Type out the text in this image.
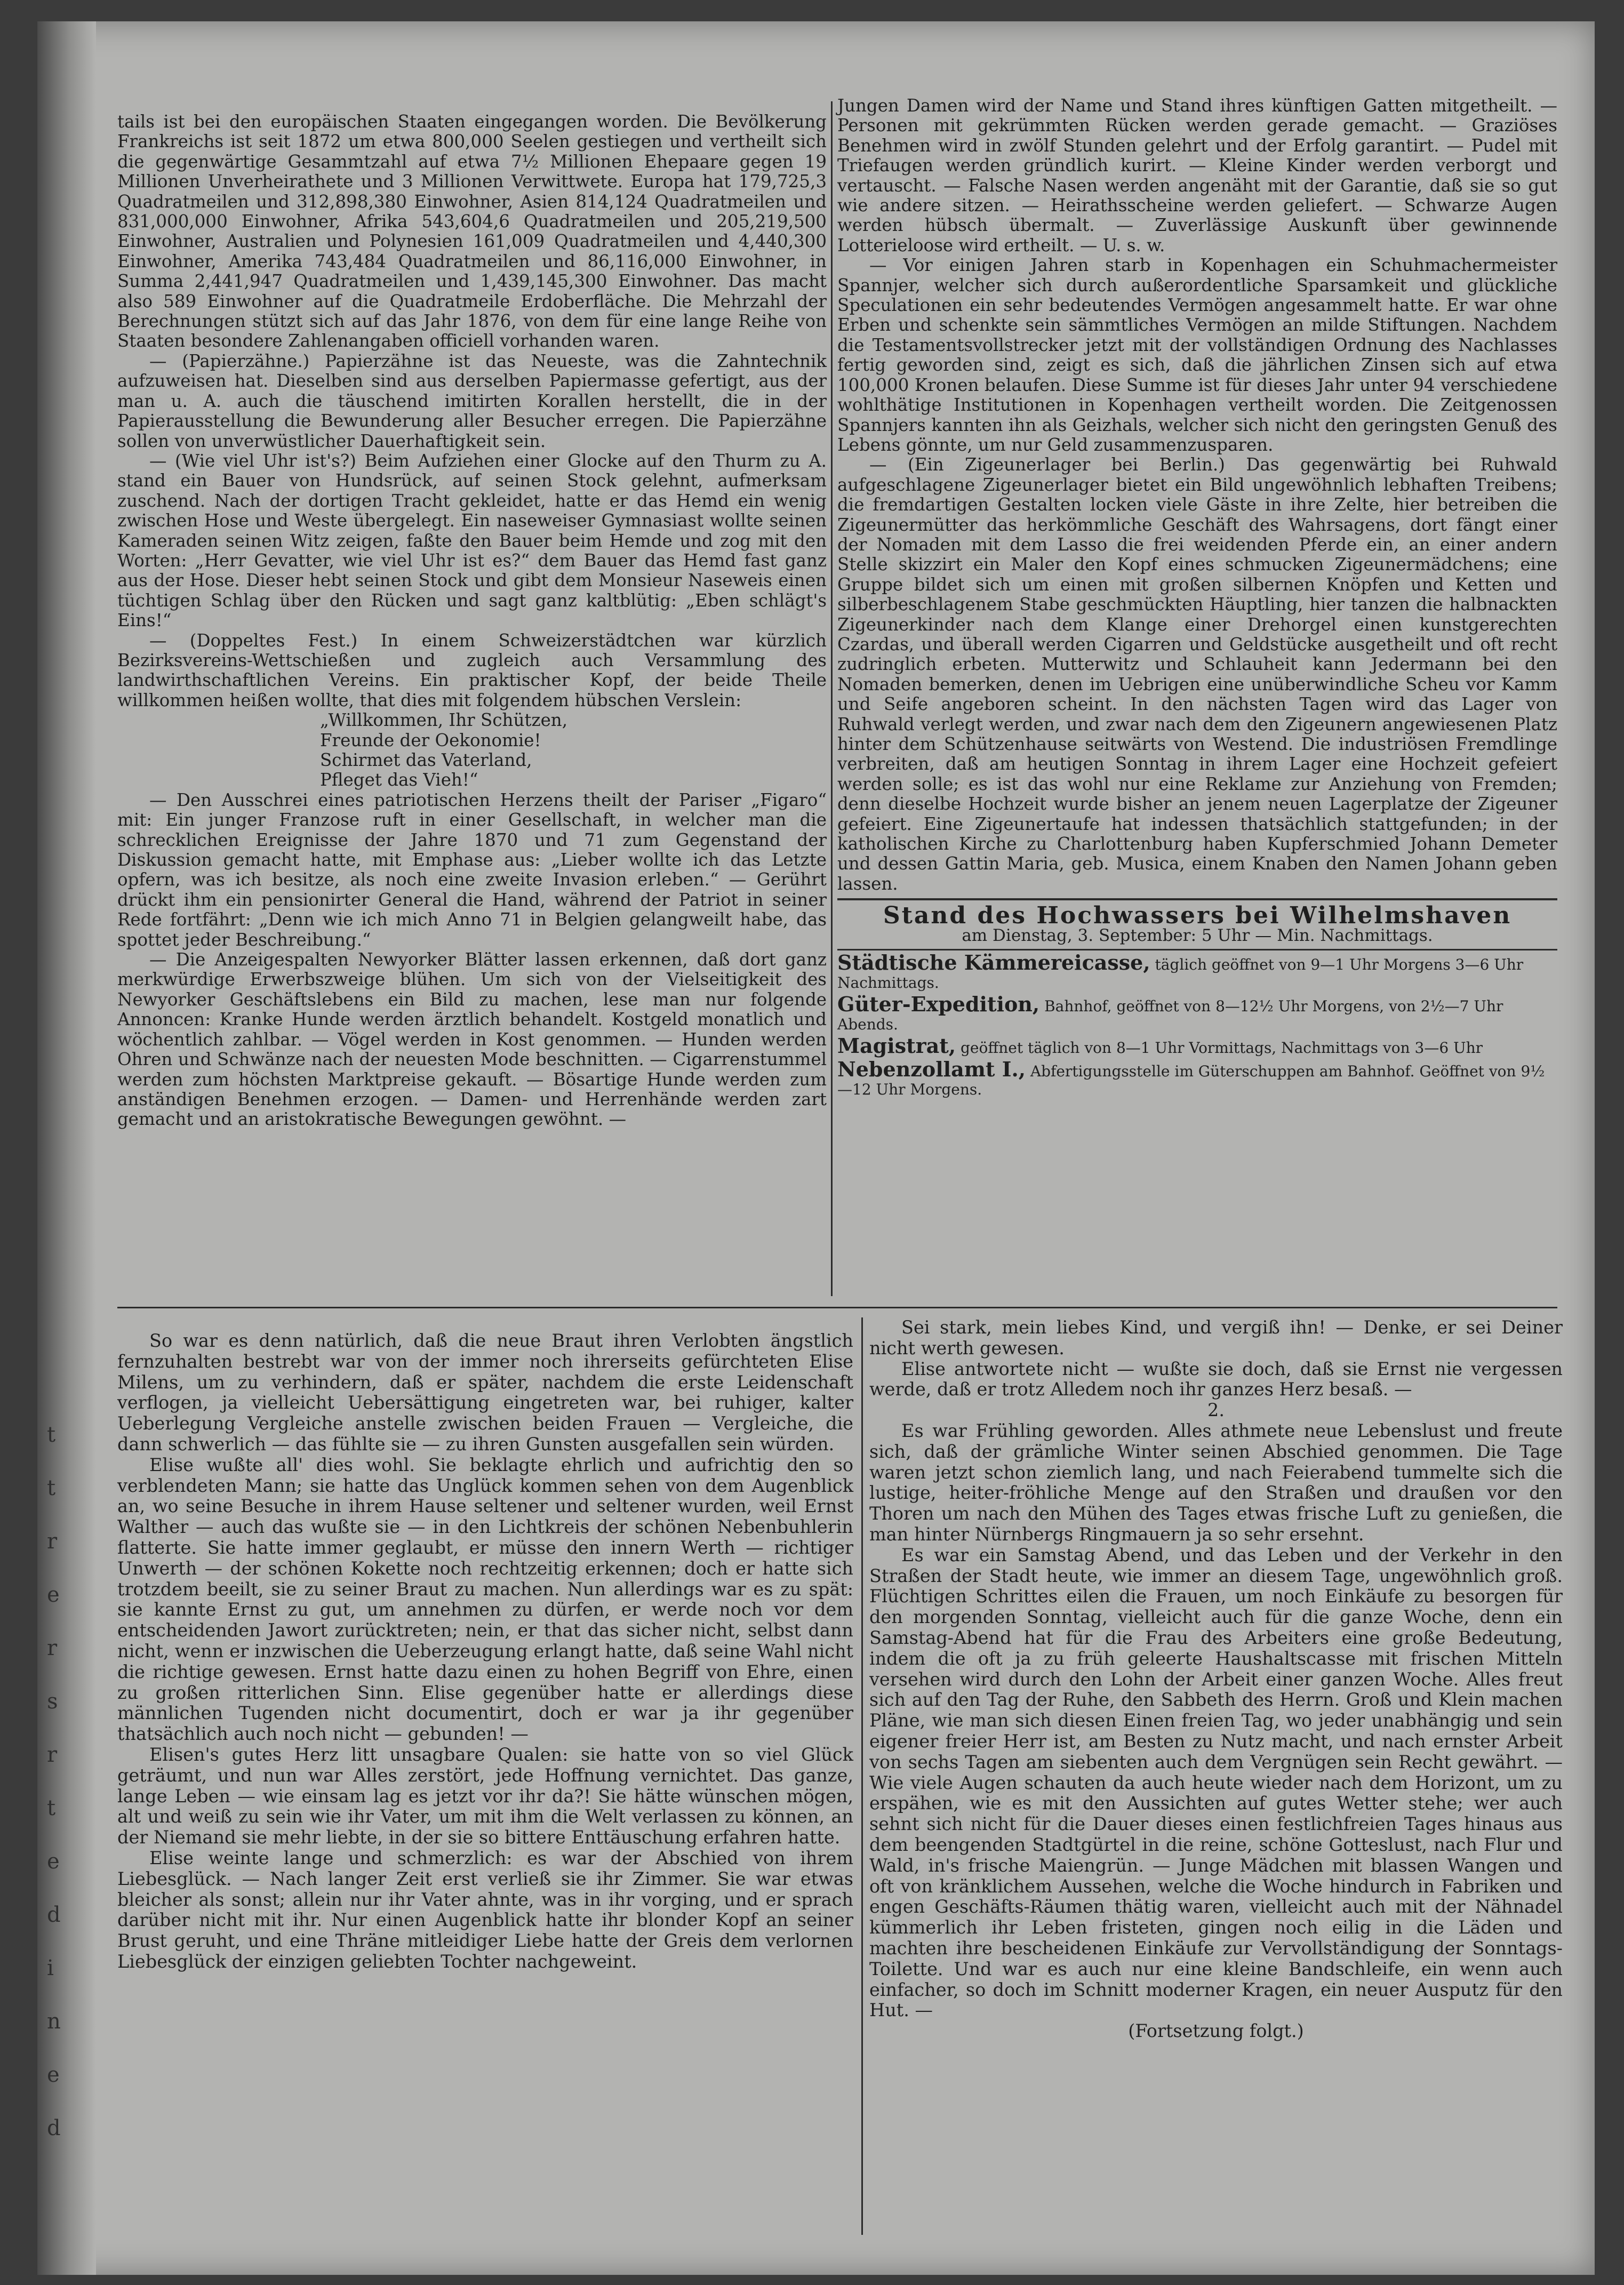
t
t
r
e
r
s
r
t
e
d
i
n
e
d

tails ist bei den europäischen Staaten eingegangen worden. Die Bevölkerung Frankreichs ist seit 1872 um etwa 800,000 Seelen gestiegen und vertheilt sich die gegenwärtige Gesammtzahl auf etwa 7½ Millionen Ehepaare gegen 19 Millionen Unverheirathete und 3 Millionen Verwittwete. Europa hat 179,725,3 Quadratmeilen und 312,898,380 Einwohner, Asien 814,124 Quadratmeilen und 831,000,000 Einwohner, Afrika 543,604,6 Quadratmeilen und 205,219,500 Einwohner, Australien und Polynesien 161,009 Quadratmeilen und 4,440,300 Einwohner, Amerika 743,484 Quadratmeilen und 86,116,000 Einwohner, in Summa 2,441,947 Quadratmeilen und 1,439,145,300 Einwohner. Das macht also 589 Einwohner auf die Quadratmeile Erdoberfläche. Die Mehrzahl der Berechnungen stützt sich auf das Jahr 1876, von dem für eine lange Reihe von Staaten besondere Zahlenangaben officiell vorhanden waren.

— (Papierzähne.) Papierzähne ist das Neueste, was die Zahntechnik aufzuweisen hat. Dieselben sind aus derselben Papiermasse gefertigt, aus der man u. A. auch die täuschend imitirten Korallen herstellt, die in der Papierausstellung die Bewunderung aller Besucher erregen. Die Papierzähne sollen von unverwüstlicher Dauerhaftigkeit sein.

— (Wie viel Uhr ist's?) Beim Aufziehen einer Glocke auf den Thurm zu A. stand ein Bauer von Hundsrück, auf seinen Stock gelehnt, aufmerksam zuschend. Nach der dortigen Tracht gekleidet, hatte er das Hemd ein wenig zwischen Hose und Weste übergelegt. Ein naseweiser Gymnasiast wollte seinen Kameraden seinen Witz zeigen, faßte den Bauer beim Hemde und zog mit den Worten: „Herr Gevatter, wie viel Uhr ist es?“ dem Bauer das Hemd fast ganz aus der Hose. Dieser hebt seinen Stock und gibt dem Monsieur Naseweis einen tüchtigen Schlag über den Rücken und sagt ganz kaltblütig: „Eben schlägt's Eins!“

— (Doppeltes Fest.) In einem Schweizerstädtchen war kürzlich Bezirksvereins-Wettschießen und zugleich auch Versammlung des landwirthschaftlichen Vereins. Ein praktischer Kopf, der beide Theile willkommen heißen wollte, that dies mit folgendem hübschen Verslein:

„Willkommen, Ihr Schützen,
Freunde der Oekonomie!
Schirmet das Vaterland,
Pfleget das Vieh!“

— Den Ausschrei eines patriotischen Herzens theilt der Pariser „Figaro“ mit: Ein junger Franzose ruft in einer Gesellschaft, in welcher man die schrecklichen Ereignisse der Jahre 1870 und 71 zum Gegenstand der Diskussion gemacht hatte, mit Emphase aus: „Lieber wollte ich das Letzte opfern, was ich besitze, als noch eine zweite Invasion erleben.“ — Gerührt drückt ihm ein pensionirter General die Hand, während der Patriot in seiner Rede fortfährt: „Denn wie ich mich Anno 71 in Belgien gelangweilt habe, das spottet jeder Beschreibung.“

— Die Anzeigespalten Newyorker Blätter lassen erkennen, daß dort ganz merkwürdige Erwerbszweige blühen. Um sich von der Vielseitigkeit des Newyorker Geschäftslebens ein Bild zu machen, lese man nur folgende Annoncen: Kranke Hunde werden ärztlich behandelt. Kostgeld monatlich und wöchentlich zahlbar. — Vögel werden in Kost genommen. — Hunden werden Ohren und Schwänze nach der neuesten Mode beschnitten. — Cigarrenstummel werden zum höchsten Marktpreise gekauft. — Bösartige Hunde werden zum anständigen Benehmen erzogen. — Damen- und Herrenhände werden zart gemacht und an aristokratische Bewegungen gewöhnt. —

Jungen Damen wird der Name und Stand ihres künftigen Gatten mitgetheilt. — Personen mit gekrümmten Rücken werden gerade gemacht. — Graziöses Benehmen wird in zwölf Stunden gelehrt und der Erfolg garantirt. — Pudel mit Triefaugen werden gründlich kurirt. — Kleine Kinder werden verborgt und vertauscht. — Falsche Nasen werden angenäht mit der Garantie, daß sie so gut wie andere sitzen. — Heirathsscheine werden geliefert. — Schwarze Augen werden hübsch übermalt. — Zuverlässige Auskunft über gewinnende Lotterieloose wird ertheilt. — U. s. w.

— Vor einigen Jahren starb in Kopenhagen ein Schuhmachermeister Spannjer, welcher sich durch außerordentliche Sparsamkeit und glückliche Speculationen ein sehr bedeutendes Vermögen angesammelt hatte. Er war ohne Erben und schenkte sein sämmtliches Vermögen an milde Stiftungen. Nachdem die Testamentsvollstrecker jetzt mit der vollständigen Ordnung des Nachlasses fertig geworden sind, zeigt es sich, daß die jährlichen Zinsen sich auf etwa 100,000 Kronen belaufen. Diese Summe ist für dieses Jahr unter 94 verschiedene wohlthätige Institutionen in Kopenhagen vertheilt worden. Die Zeitgenossen Spannjers kannten ihn als Geizhals, welcher sich nicht den geringsten Genuß des Lebens gönnte, um nur Geld zusammenzusparen.

— (Ein Zigeunerlager bei Berlin.) Das gegenwärtig bei Ruhwald aufgeschlagene Zigeunerlager bietet ein Bild ungewöhnlich lebhaften Treibens; die fremdartigen Gestalten locken viele Gäste in ihre Zelte, hier betreiben die Zigeunermütter das herkömmliche Geschäft des Wahrsagens, dort fängt einer der Nomaden mit dem Lasso die frei weidenden Pferde ein, an einer andern Stelle skizzirt ein Maler den Kopf eines schmucken Zigeunermädchens; eine Gruppe bildet sich um einen mit großen silbernen Knöpfen und Ketten und silberbeschlagenem Stabe geschmückten Häuptling, hier tanzen die halbnackten Zigeunerkinder nach dem Klange einer Drehorgel einen kunstgerechten Czardas, und überall werden Cigarren und Geldstücke ausgetheilt und oft recht zudringlich erbeten. Mutterwitz und Schlauheit kann Jedermann bei den Nomaden bemerken, denen im Uebrigen eine unüberwindliche Scheu vor Kamm und Seife angeboren scheint. In den nächsten Tagen wird das Lager von Ruhwald verlegt werden, und zwar nach dem den Zigeunern angewiesenen Platz hinter dem Schützenhause seitwärts von Westend. Die industriösen Fremdlinge verbreiten, daß am heutigen Sonntag in ihrem Lager eine Hochzeit gefeiert werden solle; es ist das wohl nur eine Reklame zur Anziehung von Fremden; denn dieselbe Hochzeit wurde bisher an jenem neuen Lagerplatze der Zigeuner gefeiert. Eine Zigeunertaufe hat indessen thatsächlich stattgefunden; in der katholischen Kirche zu Charlottenburg haben Kupferschmied Johann Demeter und dessen Gattin Maria, geb. Musica, einem Knaben den Namen Johann geben lassen.

Stand des Hochwassers bei Wilhelmshaven
am Dienstag, 3. September: 5 Uhr — Min. Nachmittags.
Städtische Kämmereicasse, täglich geöffnet von 9—1 Uhr Morgens 3—6 Uhr Nachmittags.
Güter-Expedition, Bahnhof, geöffnet von 8—12½ Uhr Morgens, von 2½—7 Uhr Abends.
Magistrat, geöffnet täglich von 8—1 Uhr Vormittags, Nachmittags von 3—6 Uhr
Nebenzollamt I., Abfertigungsstelle im Güterschuppen am Bahnhof. Geöffnet von 9½—12 Uhr Morgens.

So war es denn natürlich, daß die neue Braut ihren Verlobten ängstlich fernzuhalten bestrebt war von der immer noch ihrerseits gefürchteten Elise Milens, um zu verhindern, daß er später, nachdem die erste Leidenschaft verflogen, ja vielleicht Uebersättigung eingetreten war, bei ruhiger, kalter Ueberlegung Vergleiche anstelle zwischen beiden Frauen — Vergleiche, die dann schwerlich — das fühlte sie — zu ihren Gunsten ausgefallen sein würden.

Elise wußte all' dies wohl. Sie beklagte ehrlich und aufrichtig den so verblendeten Mann; sie hatte das Unglück kommen sehen von dem Augenblick an, wo seine Besuche in ihrem Hause seltener und seltener wurden, weil Ernst Walther — auch das wußte sie — in den Lichtkreis der schönen Nebenbuhlerin flatterte. Sie hatte immer geglaubt, er müsse den innern Werth — richtiger Unwerth — der schönen Kokette noch rechtzeitig erkennen; doch er hatte sich trotzdem beeilt, sie zu seiner Braut zu machen. Nun allerdings war es zu spät: sie kannte Ernst zu gut, um annehmen zu dürfen, er werde noch vor dem entscheidenden Jawort zurücktreten; nein, er that das sicher nicht, selbst dann nicht, wenn er inzwischen die Ueberzeugung erlangt hatte, daß seine Wahl nicht die richtige gewesen. Ernst hatte dazu einen zu hohen Begriff von Ehre, einen zu großen ritterlichen Sinn. Elise gegenüber hatte er allerdings diese männlichen Tugenden nicht documentirt, doch er war ja ihr gegenüber thatsächlich auch noch nicht — gebunden! —

Elisen's gutes Herz litt unsagbare Qualen: sie hatte von so viel Glück geträumt, und nun war Alles zerstört, jede Hoffnung vernichtet. Das ganze, lange Leben — wie einsam lag es jetzt vor ihr da?! Sie hätte wünschen mögen, alt und weiß zu sein wie ihr Vater, um mit ihm die Welt verlassen zu können, an der Niemand sie mehr liebte, in der sie so bittere Enttäuschung erfahren hatte.

Elise weinte lange und schmerzlich: es war der Abschied von ihrem Liebesglück. — Nach langer Zeit erst verließ sie ihr Zimmer. Sie war etwas bleicher als sonst; allein nur ihr Vater ahnte, was in ihr vorging, und er sprach darüber nicht mit ihr. Nur einen Augenblick hatte ihr blonder Kopf an seiner Brust geruht, und eine Thräne mitleidiger Liebe hatte der Greis dem verlornen Liebesglück der einzigen geliebten Tochter nachgeweint.

Sei stark, mein liebes Kind, und vergiß ihn! — Denke, er sei Deiner nicht werth gewesen.

Elise antwortete nicht — wußte sie doch, daß sie Ernst nie vergessen werde, daß er trotz Alledem noch ihr ganzes Herz besaß. —

2.

Es war Frühling geworden. Alles athmete neue Lebenslust und freute sich, daß der grämliche Winter seinen Abschied genommen. Die Tage waren jetzt schon ziemlich lang, und nach Feierabend tummelte sich die lustige, heiter-fröhliche Menge auf den Straßen und draußen vor den Thoren um nach den Mühen des Tages etwas frische Luft zu genießen, die man hinter Nürnbergs Ringmauern ja so sehr ersehnt.

Es war ein Samstag Abend, und das Leben und der Verkehr in den Straßen der Stadt heute, wie immer an diesem Tage, ungewöhnlich groß. Flüchtigen Schrittes eilen die Frauen, um noch Einkäufe zu besorgen für den morgenden Sonntag, vielleicht auch für die ganze Woche, denn ein Samstag-Abend hat für die Frau des Arbeiters eine große Bedeutung, indem die oft ja zu früh geleerte Haushaltscasse mit frischen Mitteln versehen wird durch den Lohn der Arbeit einer ganzen Woche. Alles freut sich auf den Tag der Ruhe, den Sabbeth des Herrn. Groß und Klein machen Pläne, wie man sich diesen Einen freien Tag, wo jeder unabhängig und sein eigener freier Herr ist, am Besten zu Nutz macht, und nach ernster Arbeit von sechs Tagen am siebenten auch dem Vergnügen sein Recht gewährt. — Wie viele Augen schauten da auch heute wieder nach dem Horizont, um zu erspähen, wie es mit den Aussichten auf gutes Wetter stehe; wer auch sehnt sich nicht für die Dauer dieses einen festlichfreien Tages hinaus aus dem beengenden Stadtgürtel in die reine, schöne Gotteslust, nach Flur und Wald, in's frische Maiengrün. — Junge Mädchen mit blassen Wangen und oft von kränklichem Aussehen, welche die Woche hindurch in Fabriken und engen Geschäfts-Räumen thätig waren, vielleicht auch mit der Nähnadel kümmerlich ihr Leben fristeten, gingen noch eilig in die Läden und machten ihre bescheidenen Einkäufe zur Vervollständigung der Sonntags-Toilette. Und war es auch nur eine kleine Bandschleife, ein wenn auch einfacher, so doch im Schnitt moderner Kragen, ein neuer Ausputz für den Hut. —

(Fortsetzung folgt.)
